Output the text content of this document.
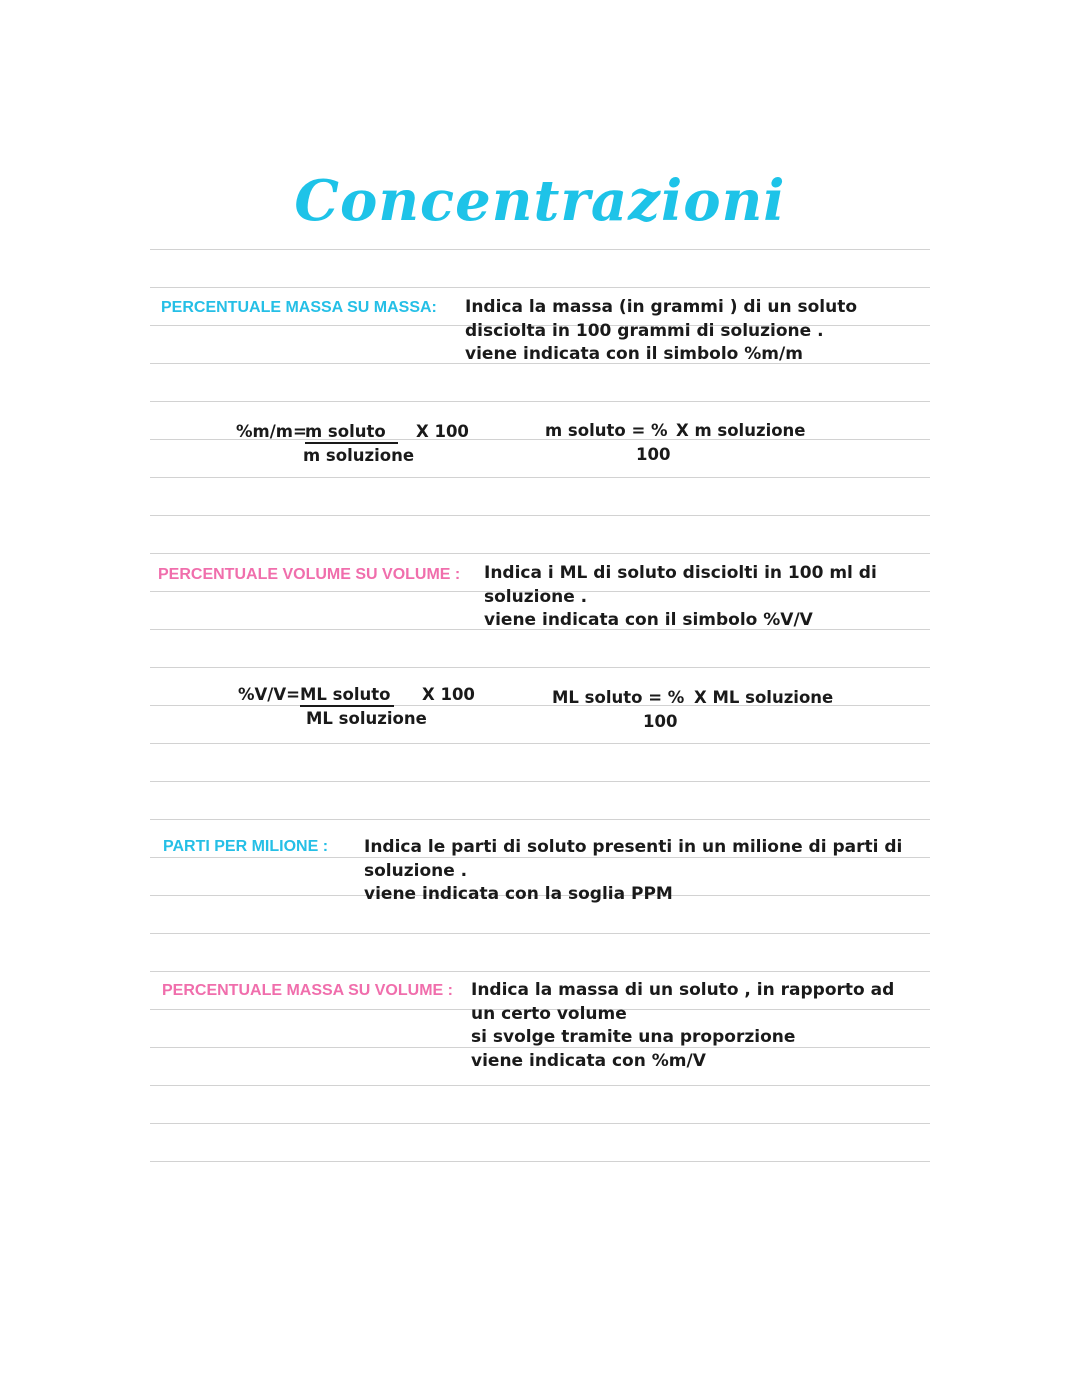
Concentrazioni
PERCENTUALE MASSA SU MASSA: Indica la massa (in grammi ) di un soluto
disciolta in 100 grammi di soluzione .
viene indicata con il simbolo %m/m
%m/m=
m soluto	X 100
m soluzione
m soluto = % X m soluzione
100
PERCENTUALE VOLUME SU VOLUME : Indica i ML di soluto disciolti in 100 ml di
soluzione .
viene indicata con il simbolo %V/V
%V/V= ML soluto X 100
ML soluzione
ML soluto = % X ML soluzione
100
PARTI PER MILIONE : Indica le parti di soluto presenti in un milione di parti di
soluzione .
viene indicata con la soglia PPM
PERCENTUALE MASSA SU VOLUME : Indica la massa di un soluto , in rapporto ad
un certo volume
si svolge tramite una proporzione
viene indicata con %m/V
